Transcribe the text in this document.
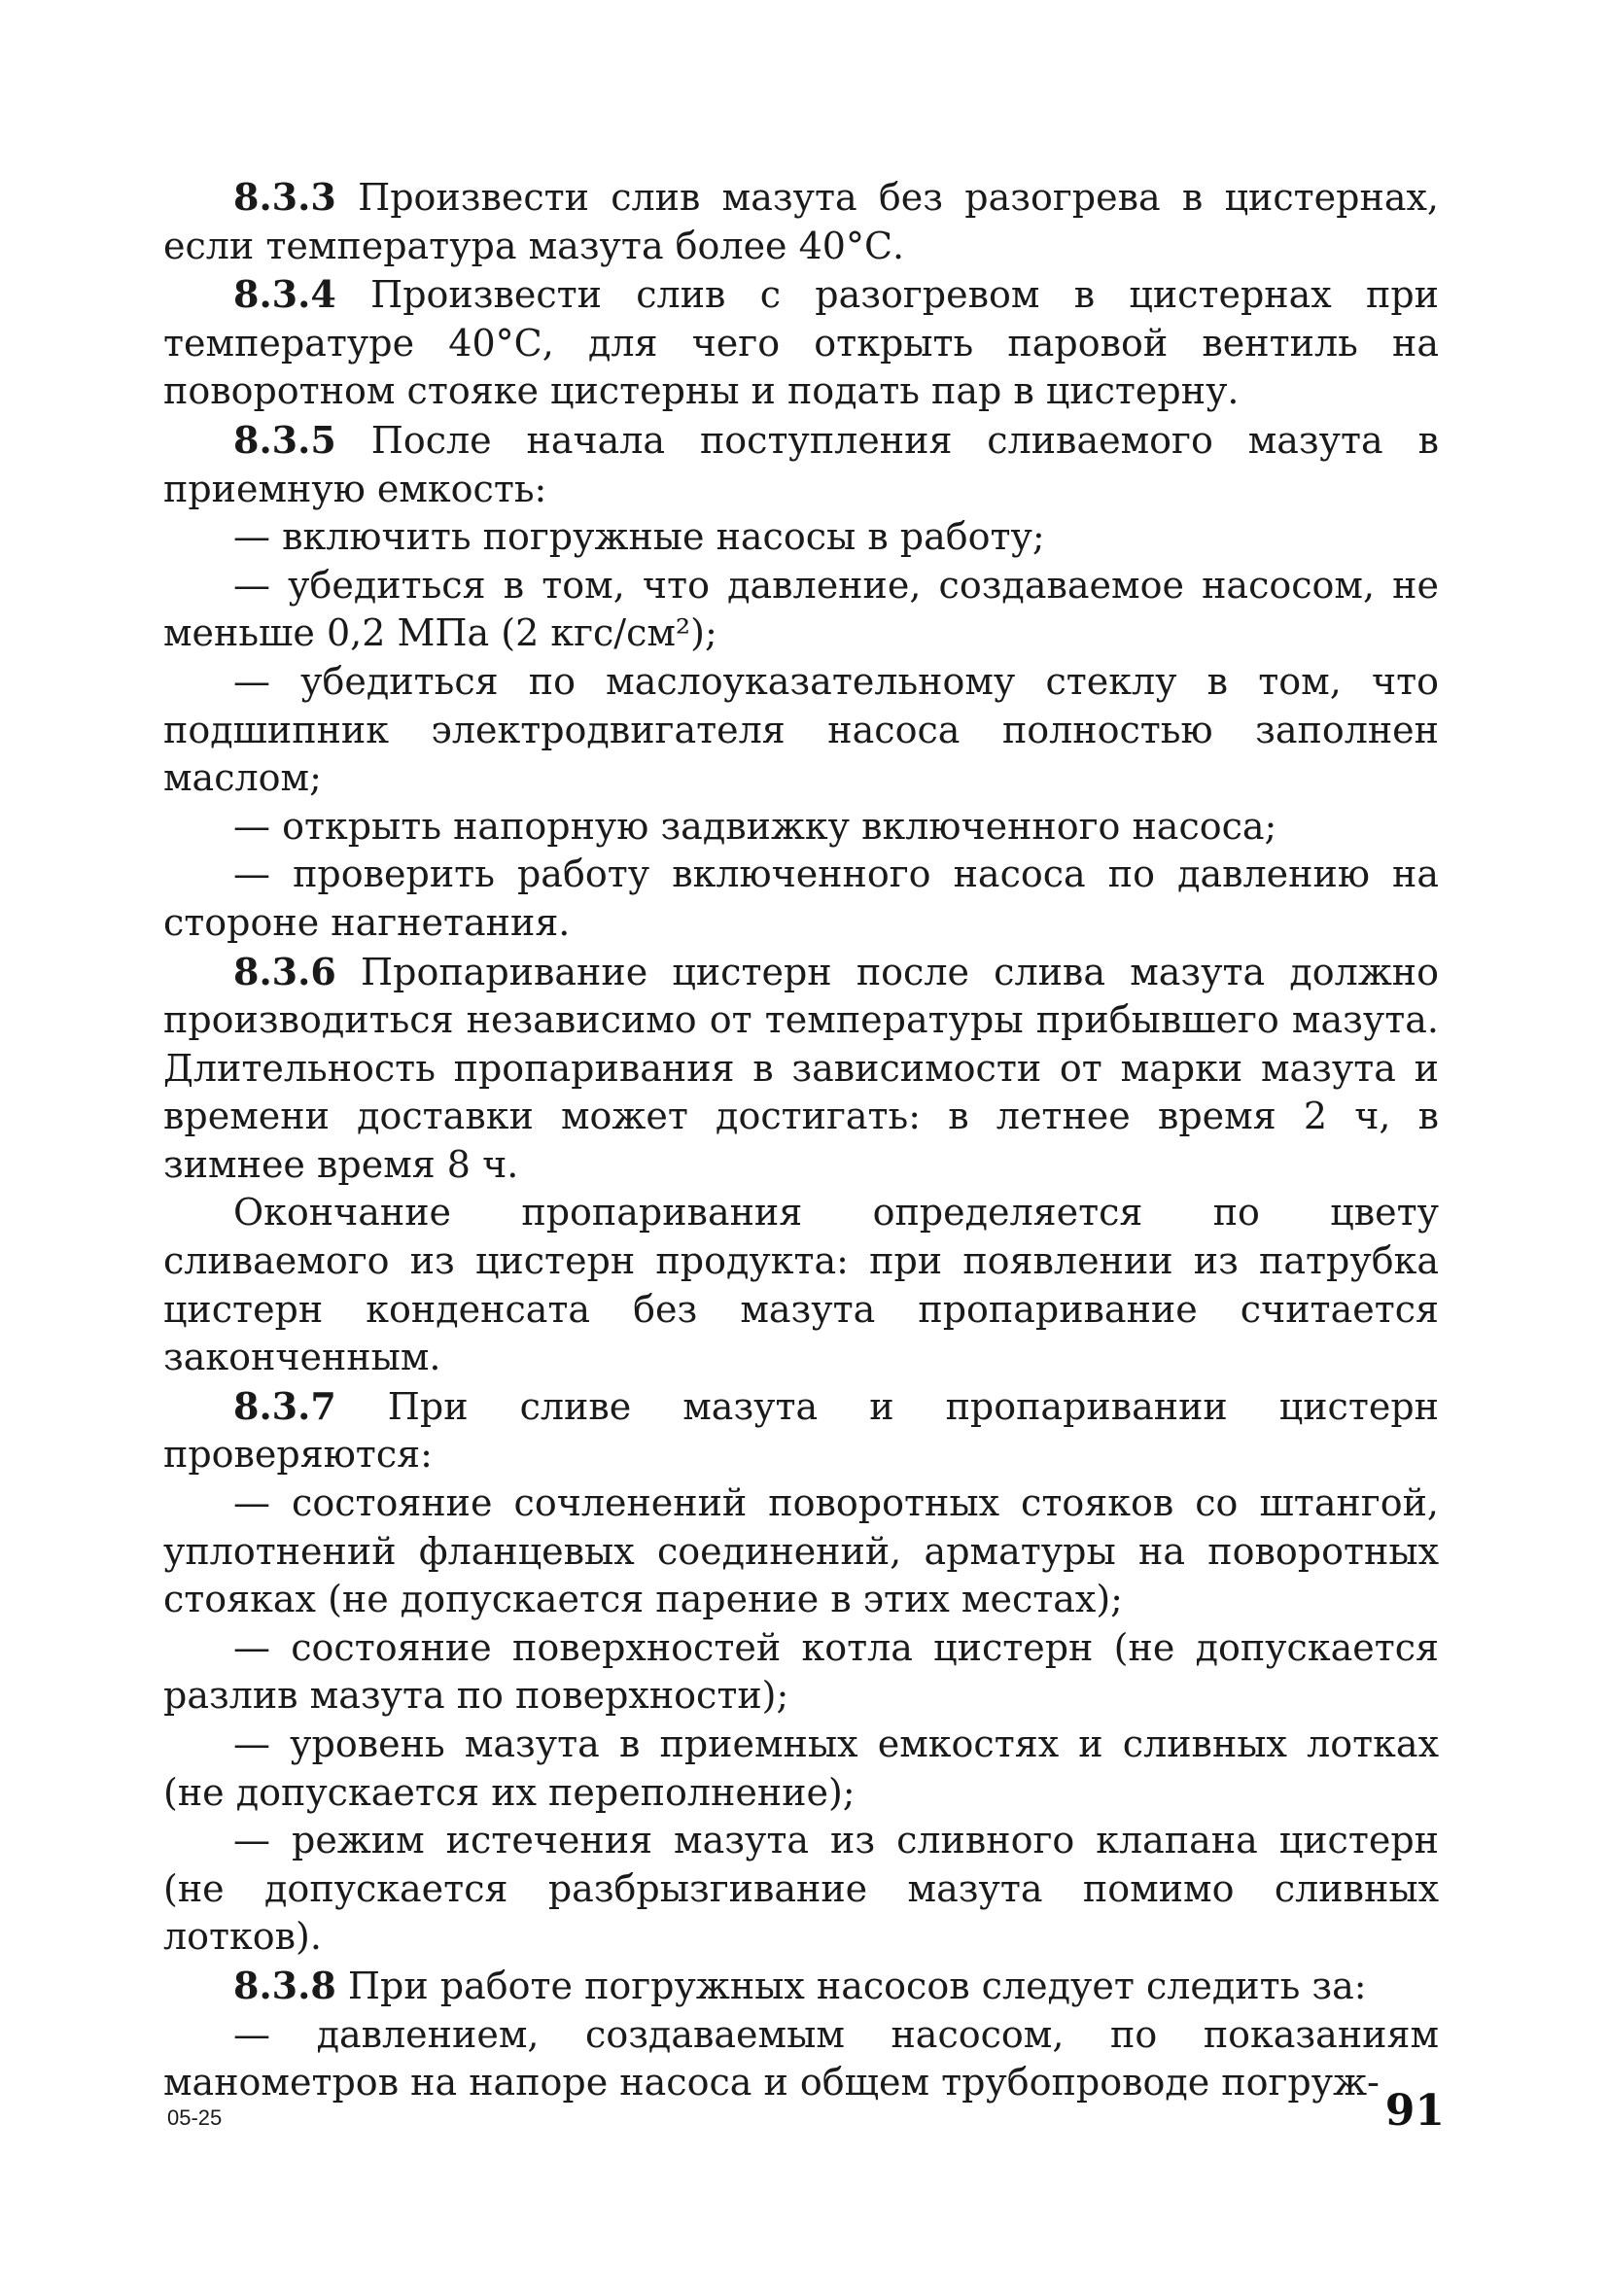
8.3.3 Произвести слив мазута без разогрева в цистернах, если температура мазута более 40°С.

8.3.4 Произвести слив с разогревом в цистернах при температуре 40°С, для чего открыть паровой вентиль на поворотном стояке цистерны и подать пар в цистерну.

8.3.5 После начала поступления сливаемого мазута в приемную емкость:

— включить погружные насосы в работу;

— убедиться в том, что давление, создаваемое насосом, не меньше 0,2 МПа (2 кгс/см²);

— убедиться по маслоуказательному стеклу в том, что подшипник электродвигателя насоса полностью заполнен маслом;

— открыть напорную задвижку включенного насоса;

— проверить работу включенного насоса по давлению на стороне нагнетания.

8.3.6 Пропаривание цистерн после слива мазута должно производиться независимо от температуры прибывшего мазута. Длительность пропаривания в зависимости от марки мазута и времени доставки может достигать: в летнее время 2 ч, в зимнее время 8 ч.

Окончание пропаривания определяется по цвету сливаемого из цистерн продукта: при появлении из патрубка цистерн конденсата без мазута пропаривание считается законченным.

8.3.7 При сливе мазута и пропаривании цистерн проверяются:

— состояние сочленений поворотных стояков со штангой, уплотнений фланцевых соединений, арматуры на поворотных стояках (не допускается парение в этих местах);

— состояние поверхностей котла цистерн (не допускается разлив мазута по поверхности);

— уровень мазута в приемных емкостях и сливных лотках (не допускается их переполнение);

— режим истечения мазута из сливного клапана цистерн (не допускается разбрызгивание мазута помимо сливных лотков).

8.3.8 При работе погружных насосов следует следить за:

— давлением, создаваемым насосом, по показаниям манометров на напоре насоса и общем трубопроводе погруж-

05-25	91
